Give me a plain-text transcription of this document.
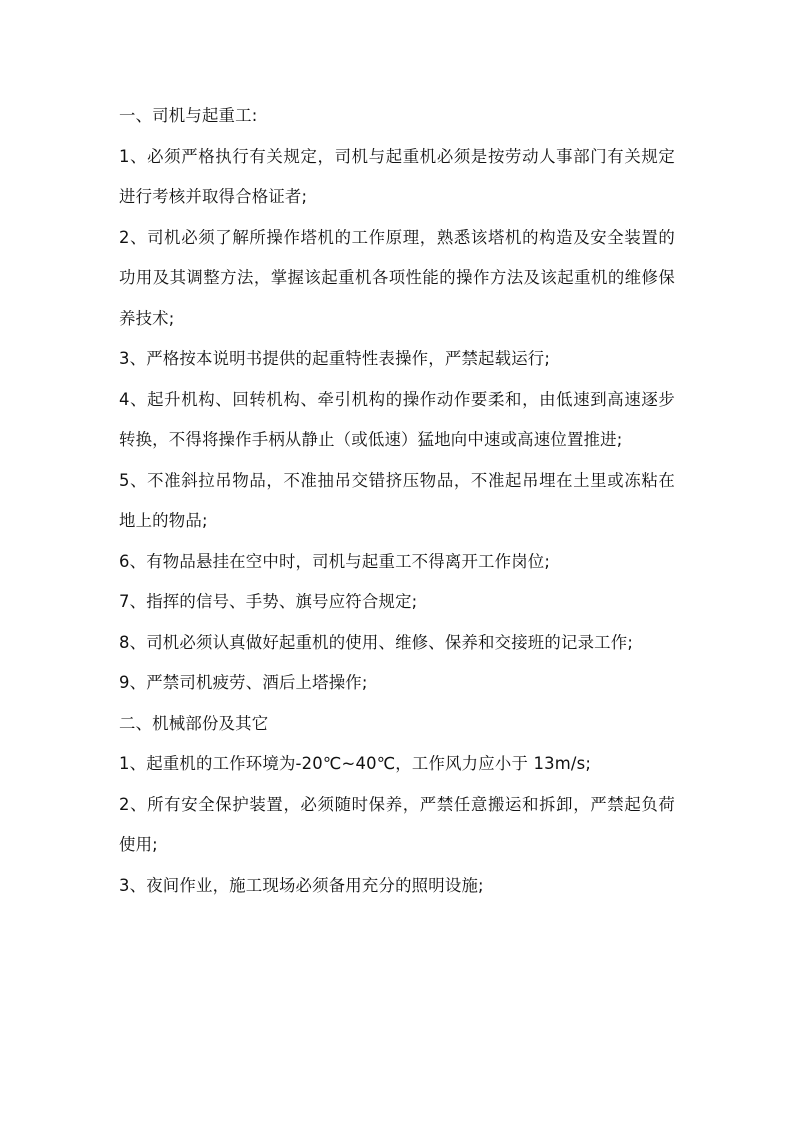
一、司机与起重工:

1、必须严格执行有关规定，司机与起重机必须是按劳动人事部门有关规定进行考核并取得合格证者;

2、司机必须了解所操作塔机的工作原理，熟悉该塔机的构造及安全装置的功用及其调整方法，掌握该起重机各项性能的操作方法及该起重机的维修保养技术;

3、严格按本说明书提供的起重特性表操作，严禁起载运行;

4、起升机构、回转机构、牵引机构的操作动作要柔和，由低速到高速逐步转换，不得将操作手柄从静止（或低速）猛地向中速或高速位置推进;

5、不准斜拉吊物品，不准抽吊交错挤压物品，不准起吊埋在土里或冻粘在地上的物品;

6、有物品悬挂在空中时，司机与起重工不得离开工作岗位;

7、指挥的信号、手势、旗号应符合规定;

8、司机必须认真做好起重机的使用、维修、保养和交接班的记录工作;

9、严禁司机疲劳、酒后上塔操作;

二、机械部份及其它

1、起重机的工作环境为-20℃~40℃，工作风力应小于 13m/s;

2、所有安全保护装置，必须随时保养，严禁任意搬运和拆卸，严禁起负荷使用;

3、夜间作业，施工现场必须备用充分的照明设施;
